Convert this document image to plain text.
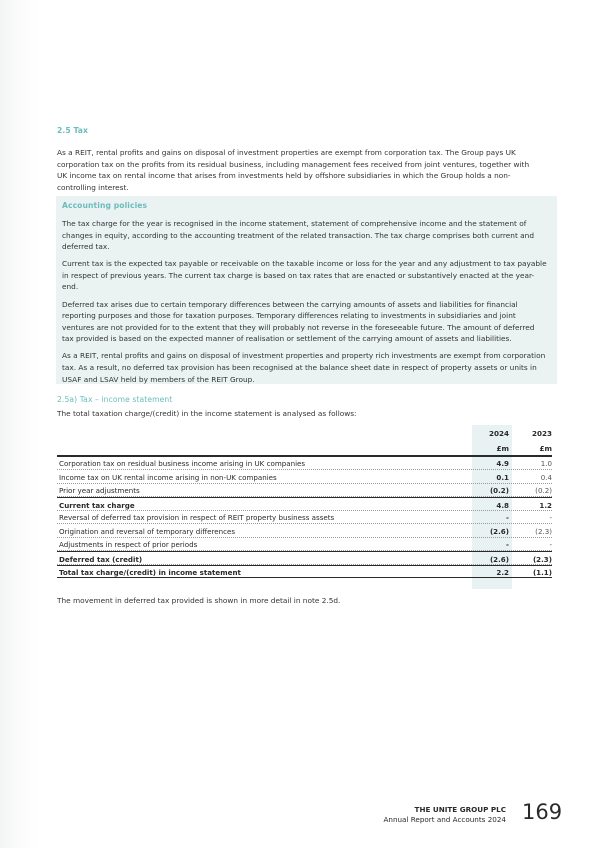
2.5 Tax

As a REIT, rental profits and gains on disposal of investment properties are exempt from corporation tax. The Group pays UK corporation tax on the profits from its residual business, including management fees received from joint ventures, together with UK income tax on rental income that arises from investments held by offshore subsidiaries in which the Group holds a non-controlling interest.

Accounting policies

The tax charge for the year is recognised in the income statement, statement of comprehensive income and the statement of changes in equity, according to the accounting treatment of the related transaction. The tax charge comprises both current and deferred tax.

Current tax is the expected tax payable or receivable on the taxable income or loss for the year and any adjustment to tax payable in respect of previous years. The current tax charge is based on tax rates that are enacted or substantively enacted at the year-end.

Deferred tax arises due to certain temporary differences between the carrying amounts of assets and liabilities for financial reporting purposes and those for taxation purposes. Temporary differences relating to investments in subsidiaries and joint ventures are not provided for to the extent that they will probably not reverse in the foreseeable future. The amount of deferred tax provided is based on the expected manner of realisation or settlement of the carrying amount of assets and liabilities.

As a REIT, rental profits and gains on disposal of investment properties and property rich investments are exempt from corporation tax. As a result, no deferred tax provision has been recognised at the balance sheet date in respect of property assets or units in USAF and LSAV held by members of the REIT Group.

2.5a) Tax – income statement

The total taxation charge/(credit) in the income statement is analysed as follows:

2024	2023
£m	£m
Corporation tax on residual business income arising in UK companies	4.9	1.0
Income tax on UK rental income arising in non-UK companies	0.1	0.4
Prior year adjustments	(0.2)	(0.2)
Current tax charge	4.8	1.2
Reversal of deferred tax provision in respect of REIT property business assets	-	-
Origination and reversal of temporary differences	(2.6)	(2.3)
Adjustments in respect of prior periods	-	-
Deferred tax (credit)	(2.6)	(2.3)
Total tax charge/(credit) in income statement	2.2	(1.1)

The movement in deferred tax provided is shown in more detail in note 2.5d.

THE UNITE GROUP PLC
Annual Report and Accounts 2024 169
